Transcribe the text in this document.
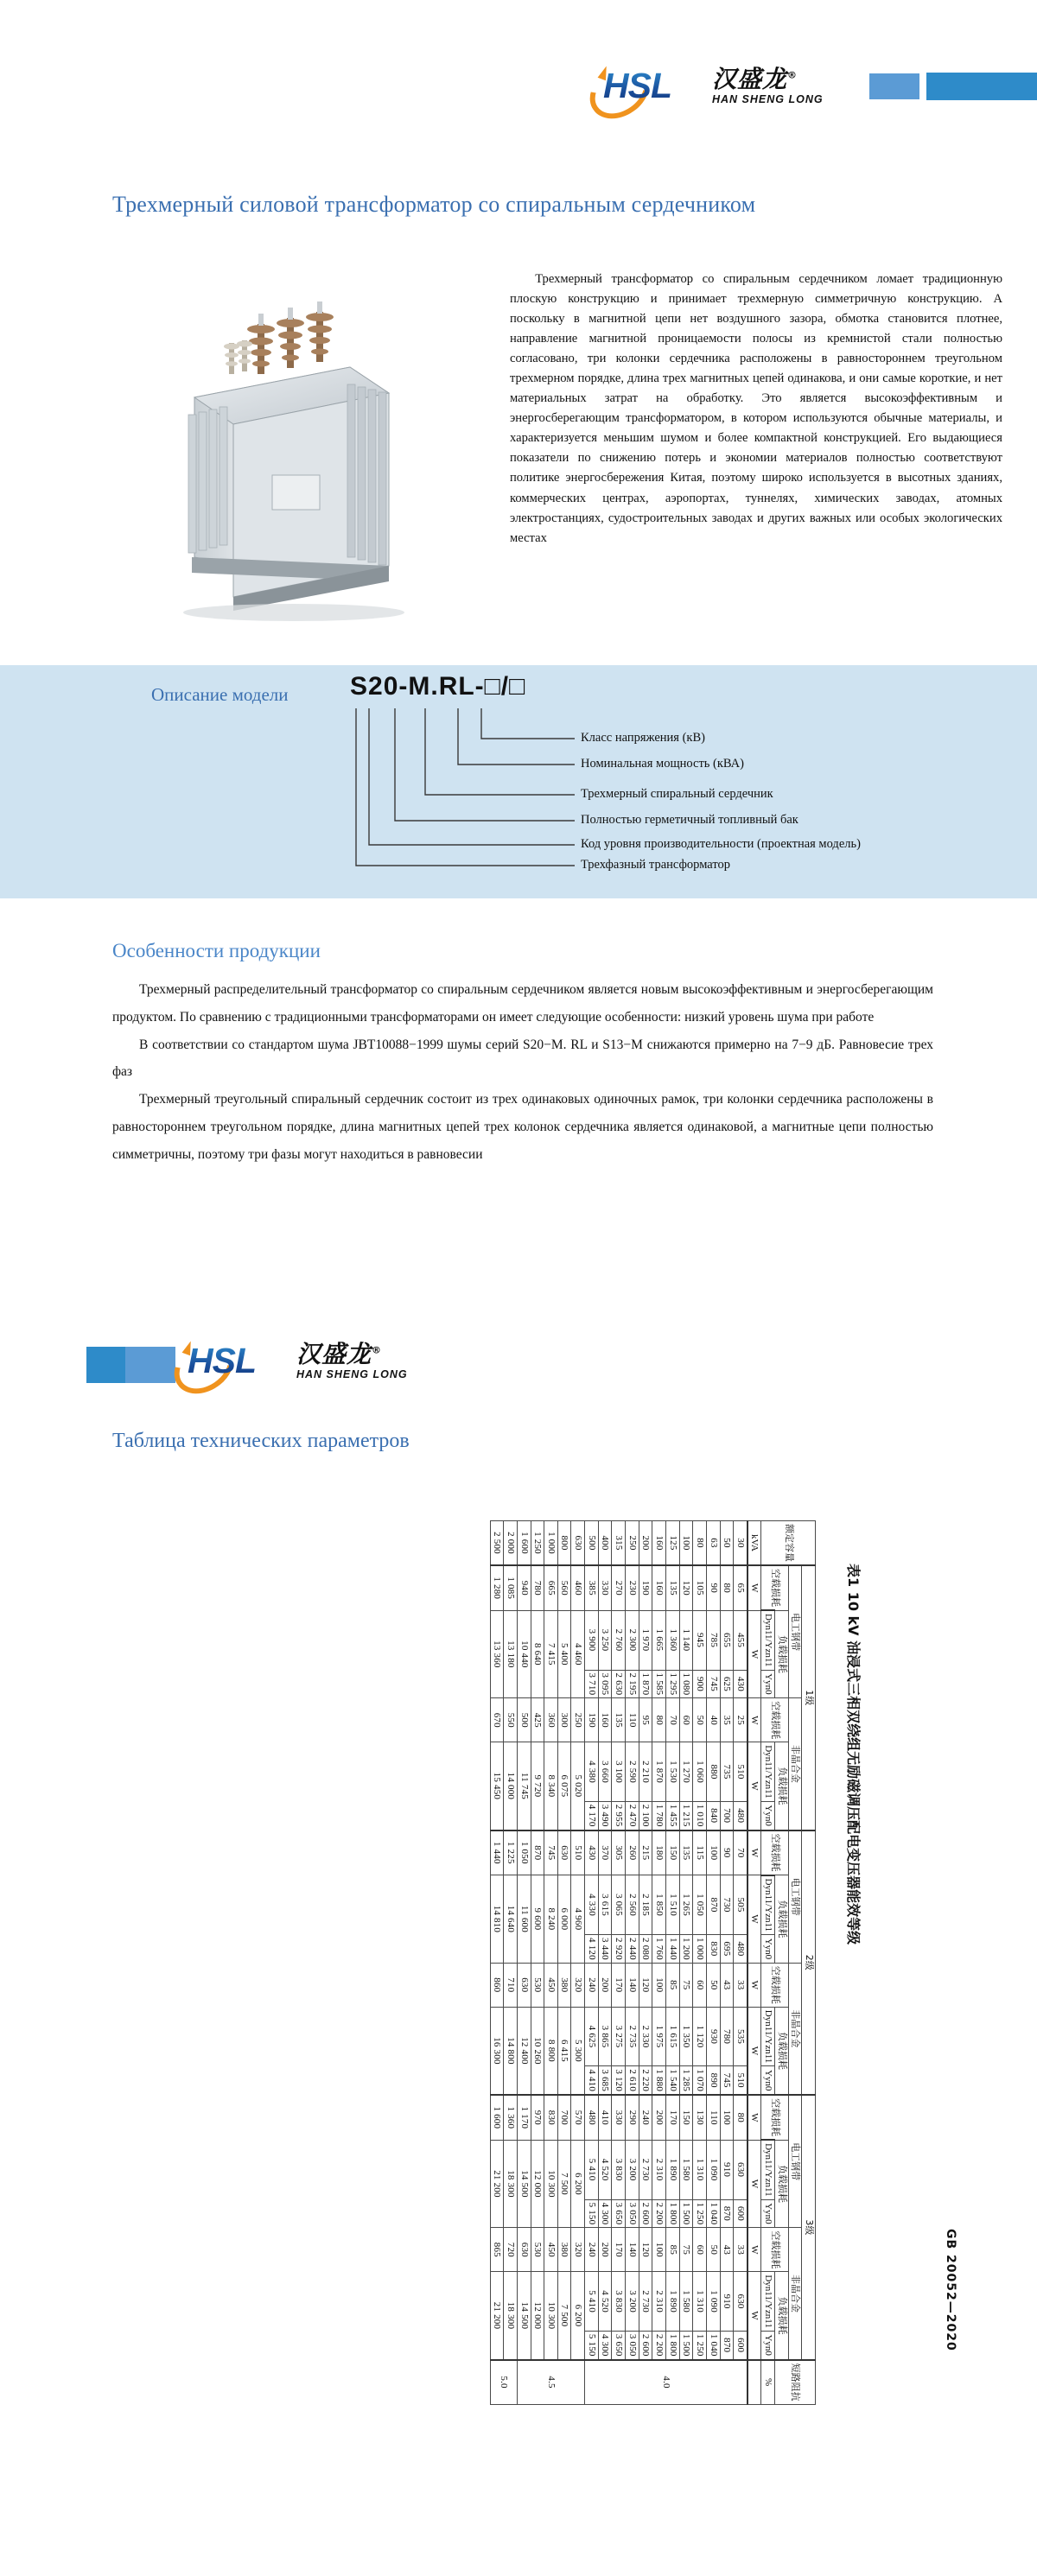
HSL 汉盛龙®
HAN SHENG LONG
Трехмерный силовой трансформатор со спиральным сердечником
Трехмерный трансформатор со спиральным сердечником ломает традиционную плоскую конструкцию и принимает трехмерную симметричную конструкцию. А поскольку в магнитной цепи нет воздушного зазора, обмотка становится плотнее, направление магнитной проницаемости полосы из кремнистой стали полностью согласовано, три колонки сердечника расположены в равностороннем треугольном трехмерном порядке, длина трех магнитных цепей одинакова, и они самые короткие, и нет материальных затрат на обработку. Это является высокоэффективным и энергосберегающим трансформатором, в котором используются обычные материалы, и характеризуется меньшим шумом и более компактной конструкцией. Его выдающиеся показатели по снижению потерь и экономии материалов полностью соответствуют политике энергосбережения Китая, поэтому широко используется в высотных зданиях, коммерческих центрах, аэропортах, туннелях, химических заводах, атомных электростанциях, судостроительных заводах и других важных или особых экологических местах
Описание модели S20-M.RL-□/□
Класс напряжения (кВ)
Номинальная мощность (кВА)
Трехмерный спиральный сердечник
Полностью герметичный топливный бак
Код уровня производительности (проектная модель)
Трехфазный трансформатор
Особенности продукции

Трехмерный распределительный трансформатор со спиральным сердечником является новым высокоэффективным и энергосберегающим продуктом. По сравнению с традиционными трансформаторами он имеет следующие особенности: низкий уровень шума при работе

В соответствии со стандартом шума JBT10088−1999 шумы серий S20−M. RL и S13−M снижаются примерно на 7−9 дБ. Равновесие трех фаз

Трехмерный треугольный спиральный сердечник состоит из трех одинаковых одиночных рамок, три колонки сердечника расположены в равностороннем треугольном порядке, длина магнитных цепей трех колонок сердечника является одинаковой, а магнитные цепи полностью симметричны, поэтому три фазы могут находиться в равновесии

HSL 汉盛龙®
HAN SHENG LONG
Таблица технических параметров
表1 10 kV 油浸式三相双绕组无励磁调压配电变压器能效等级
GB 20052—2020
额定容量	1级						2级						3级						短路阻抗
	电工钢带			非晶合金			电工钢带			非晶合金			电工钢带			非晶合金			
	空载损耗	负载损耗		空载损耗	负载损耗		空载损耗	负载损耗		空载损耗	负载损耗		空载损耗	负载损耗		空载损耗	负载损耗		
		Dyn11/Yzn11	Yyn0		Dyn11/Yzn11	Yyn0		Dyn11/Yzn11	Yyn0		Dyn11/Yzn11	Yyn0		Dyn11/Yzn11	Yyn0		Dyn11/Yzn11	Yyn0	%
kVA	W	W		W	W		W	W		W	W		W	W		W	W		
30	65	455	430	25	510	480	70	505	480	33	535	510	80	630	600	33	630	600	4.0
50	80	655	625	35	735	700	90	730	695	43	780	745	100	910	870	43	910	870	
63	90	785	745	40	880	840	100	870	830	50	930	890	110	1 090	1 040	50	1 090	1 040	
80	105	945	900	50	1 060	1 010	115	1 050	1 000	60	1 120	1 070	130	1 310	1 250	60	1 310	1 250	
100	120	1 140	1 080	60	1 270	1 215	135	1 265	1 200	75	1 350	1 285	150	1 580	1 500	75	1 580	1 500	
125	135	1 360	1 295	70	1 530	1 455	150	1 510	1 440	85	1 615	1 540	170	1 890	1 800	85	1 890	1 800	
160	160	1 665	1 585	80	1 870	1 780	180	1 850	1 760	100	1 975	1 880	200	2 310	2 200	100	2 310	2 200	
200	190	1 970	1 870	95	2 210	2 100	215	2 185	2 080	120	2 330	2 220	240	2 730	2 600	120	2 730	2 600	
250	230	2 300	2 195	110	2 590	2 470	260	2 560	2 440	140	2 735	2 610	290	3 200	3 050	140	3 200	3 050	
315	270	2 760	2 630	135	3 100	2 955	305	3 065	2 920	170	3 275	3 120	330	3 830	3 650	170	3 830	3 650	
400	330	3 250	3 095	160	3 660	3 490	370	3 615	3 440	200	3 865	3 685	410	4 520	4 300	200	4 520	4 300	
500	385	3 900	3 710	190	4 380	4 170	430	4 330	4 120	240	4 625	4 410	480	5 410	5 150	240	5 410	5 150	
630	460	4 460		250	5 020		510	4 960		320	5 300		570	6 200		320	6 200		4.5
800	560	5 400		300	6 075		630	6 000		380	6 415		700	7 500		380	7 500		
1 000	665	7 415		360	8 340		745	8 240		450	8 800		830	10 300		450	10 300		
1 250	780	8 640		425	9 720		870	9 600		530	10 260		970	12 000		530	12 000		
1 600	940	10 440		500	11 745		1 050	11 600		630	12 400		1 170	14 500		630	14 500		
2 000	1 085	13 180		550	14 000		1 225	14 640		710	14 800		1 360	18 300		720	18 300		5.0
2 500	1 280	13 360		670	15 450		1 440	14 810		860	16 300		1 600	21 200		865	21 200		
